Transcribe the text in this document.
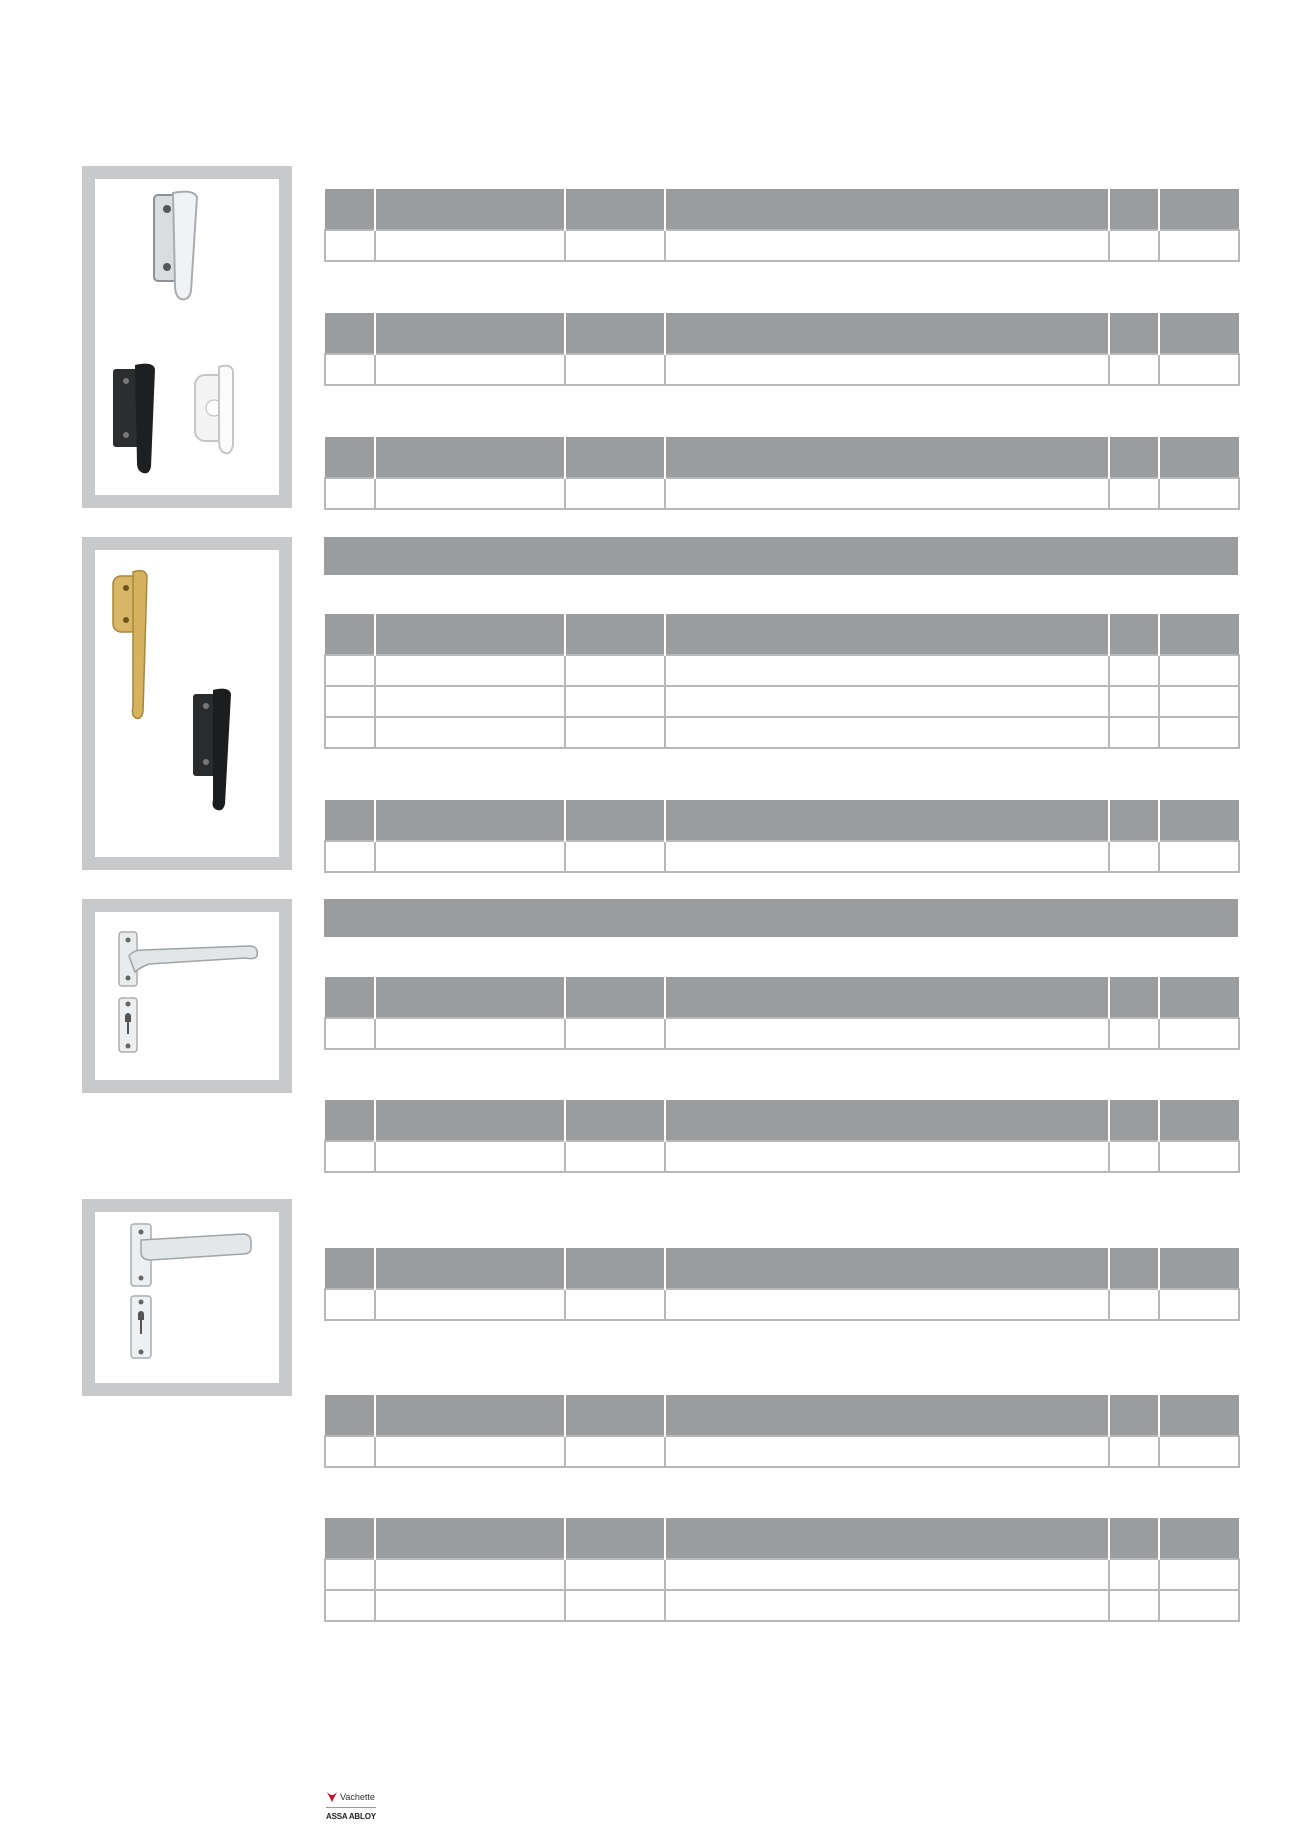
Vachette
ASSA ABLOY
